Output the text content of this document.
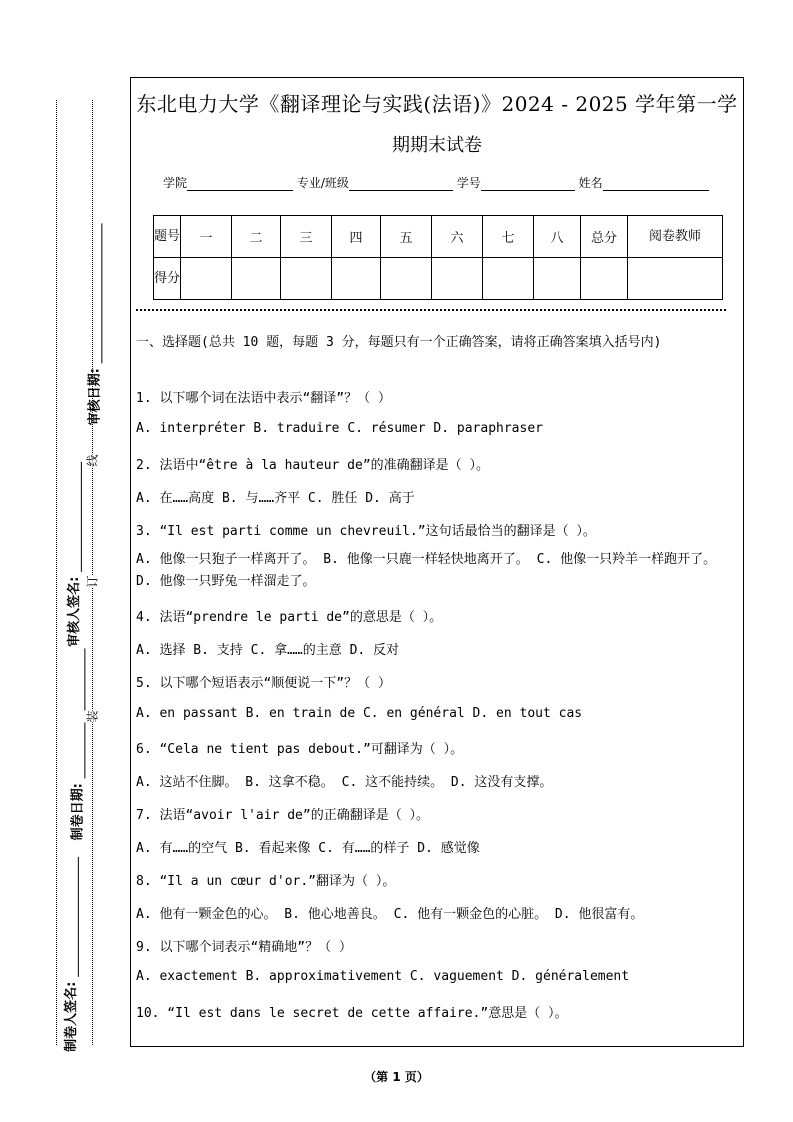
审核日期:
审核人签名:
制卷日期:
制卷人签名:
线
订
装
东北电力大学《翻译理论与实践(法语)》2024 - 2025 学年第一学
期期末试卷
学院	专业/班级	学号	姓名
题号	一	二	三	四	五	六	七	八	总分	阅卷教师
得分										
一、选择题(总共 10 题，每题 3 分，每题只有一个正确答案，请将正确答案填入括号内)
1. 以下哪个词在法语中表示“翻译”？（ ）
A. interpréter B. traduire C. résumer D. paraphraser
2. 法语中“être à la hauteur de”的准确翻译是（ ）。
A. 在……高度 B. 与……齐平 C. 胜任 D. 高于
3. “Il est parti comme un chevreuil.”这句话最恰当的翻译是（ ）。
A. 他像一只狍子一样离开了。 B. 他像一只鹿一样轻快地离开了。 C. 他像一只羚羊一样跑开了。 D. 他像一只野兔一样溜走了。
4. 法语“prendre le parti de”的意思是（ ）。
A. 选择 B. 支持 C. 拿……的主意 D. 反对
5. 以下哪个短语表示“顺便说一下”？（ ）
A. en passant B. en train de C. en général D. en tout cas
6. “Cela ne tient pas debout.”可翻译为（ ）。
A. 这站不住脚。 B. 这拿不稳。 C. 这不能持续。 D. 这没有支撑。
7. 法语“avoir l'air de”的正确翻译是（ ）。
A. 有……的空气 B. 看起来像 C. 有……的样子 D. 感觉像
8. “Il a un cœur d'or.”翻译为（ ）。
A. 他有一颗金色的心。 B. 他心地善良。 C. 他有一颗金色的心脏。 D. 他很富有。
9. 以下哪个词表示“精确地”？（ ）
A. exactement B. approximativement C. vaguement D. généralement
10. “Il est dans le secret de cette affaire.”意思是（ ）。
（第 1 页）
